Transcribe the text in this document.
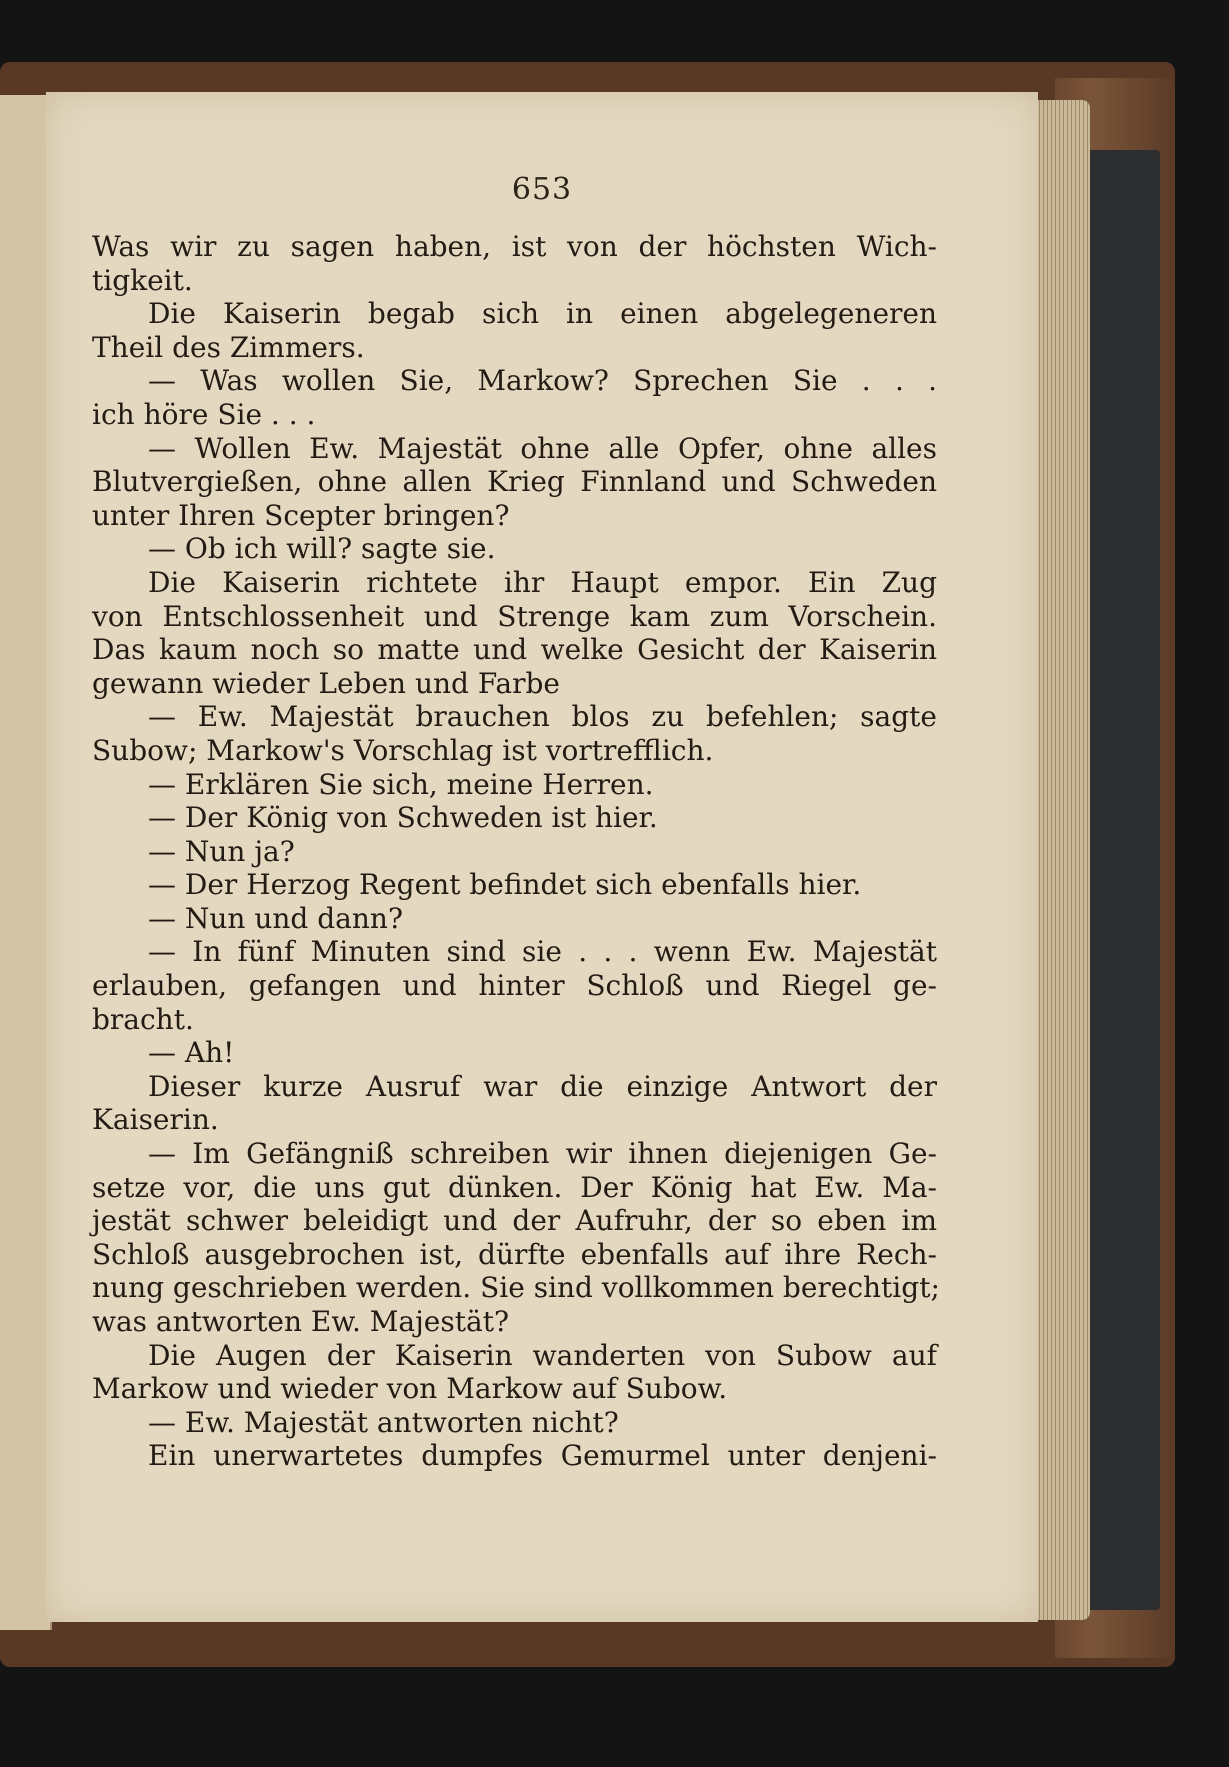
653
Was wir zu sagen haben, ist von der höchsten Wich-
tigkeit.
Die Kaiserin begab sich in einen abgelegeneren
Theil des Zimmers.
— Was wollen Sie, Markow? Sprechen Sie . . .
ich höre Sie . . .
— Wollen Ew. Majestät ohne alle Opfer, ohne alles
Blutvergießen, ohne allen Krieg Finnland und Schweden
unter Ihren Scepter bringen?
— Ob ich will? sagte sie.
Die Kaiserin richtete ihr Haupt empor. Ein Zug
von Entschlossenheit und Strenge kam zum Vorschein.
Das kaum noch so matte und welke Gesicht der Kaiserin
gewann wieder Leben und Farbe
— Ew. Majestät brauchen blos zu befehlen; sagte
Subow; Markow's Vorschlag ist vortrefflich.
— Erklären Sie sich, meine Herren.
— Der König von Schweden ist hier.
— Nun ja?
— Der Herzog Regent befindet sich ebenfalls hier.
— Nun und dann?
— In fünf Minuten sind sie . . . wenn Ew. Majestät
erlauben, gefangen und hinter Schloß und Riegel ge-
bracht.
— Ah!
Dieser kurze Ausruf war die einzige Antwort der
Kaiserin.
— Im Gefängniß schreiben wir ihnen diejenigen Ge-
setze vor, die uns gut dünken. Der König hat Ew. Ma-
jestät schwer beleidigt und der Aufruhr, der so eben im
Schloß ausgebrochen ist, dürfte ebenfalls auf ihre Rech-
nung geschrieben werden. Sie sind vollkommen berechtigt;
was antworten Ew. Majestät?
Die Augen der Kaiserin wanderten von Subow auf
Markow und wieder von Markow auf Subow.
— Ew. Majestät antworten nicht?
Ein unerwartetes dumpfes Gemurmel unter denjeni-
